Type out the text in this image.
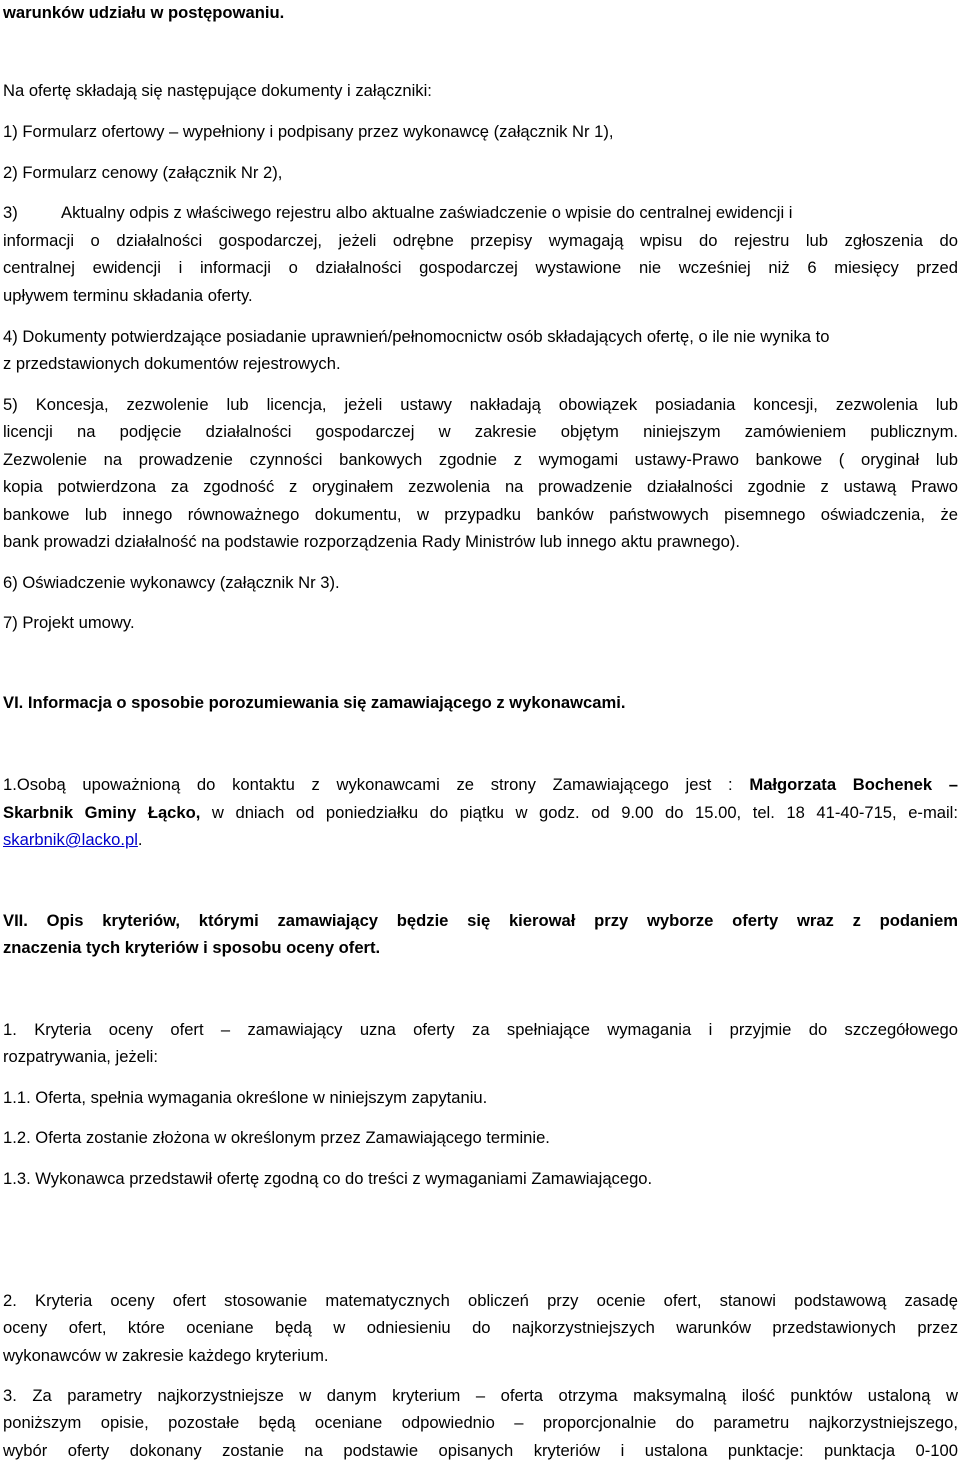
warunków udziału w postępowaniu.
Na ofertę składają się następujące dokumenty i załączniki:
1) Formularz ofertowy – wypełniony i podpisany przez wykonawcę (załącznik Nr 1),
2) Formularz cenowy (załącznik Nr 2),
3)	Aktualny odpis z właściwego rejestru albo aktualne zaświadczenie o wpisie do centralnej ewidencji i
informacji o działalności gospodarczej, jeżeli odrębne przepisy wymagają wpisu do rejestru lub zgłoszenia do
centralnej ewidencji i informacji o działalności gospodarczej wystawione nie wcześniej niż 6 miesięcy przed
upływem terminu składania oferty.
4) Dokumenty potwierdzające posiadanie uprawnień/pełnomocnictw osób składających ofertę, o ile nie wynika to
z przedstawionych dokumentów rejestrowych.
5) Koncesja, zezwolenie lub licencja, jeżeli ustawy nakładają obowiązek posiadania koncesji, zezwolenia lub
licencji na podjęcie działalności gospodarczej w zakresie objętym niniejszym zamówieniem publicznym.
Zezwolenie na prowadzenie czynności bankowych zgodnie z wymogami ustawy-Prawo bankowe ( oryginał lub
kopia potwierdzona za zgodność z oryginałem zezwolenia na prowadzenie działalności zgodnie z ustawą Prawo
bankowe lub innego równoważnego dokumentu, w przypadku banków państwowych pisemnego oświadczenia, że
bank prowadzi działalność na podstawie rozporządzenia Rady Ministrów lub innego aktu prawnego).
6) Oświadczenie wykonawcy (załącznik Nr 3).
7) Projekt umowy.
VI. Informacja o sposobie porozumiewania się zamawiającego z wykonawcami.
1.Osobą upoważnioną do kontaktu z wykonawcami ze strony Zamawiającego jest : Małgorzata Bochenek –
Skarbnik Gminy Łącko, w dniach od poniedziałku do piątku w godz. od 9.00 do 15.00, tel. 18 41-40-715, e-mail:
skarbnik@lacko.pl.
VII. Opis kryteriów, którymi zamawiający będzie się kierował przy wyborze oferty wraz z podaniem
znaczenia tych kryteriów i sposobu oceny ofert.
1. Kryteria oceny ofert – zamawiający uzna oferty za spełniające wymagania i przyjmie do szczegółowego
rozpatrywania, jeżeli:
1.1. Oferta, spełnia wymagania określone w niniejszym zapytaniu.
1.2. Oferta zostanie złożona w określonym przez Zamawiającego terminie.
1.3. Wykonawca przedstawił ofertę zgodną co do treści z wymaganiami Zamawiającego.
2. Kryteria oceny ofert stosowanie matematycznych obliczeń przy ocenie ofert, stanowi podstawową zasadę
oceny ofert, które oceniane będą w odniesieniu do najkorzystniejszych warunków przedstawionych przez
wykonawców w zakresie każdego kryterium.
3. Za parametry najkorzystniejsze w danym kryterium – oferta otrzyma maksymalną ilość punktów ustaloną w
poniższym opisie, pozostałe będą oceniane odpowiednio – proporcjonalnie do parametru najkorzystniejszego,
wybór oferty dokonany zostanie na podstawie opisanych kryteriów i ustalona punktacje: punktacja 0-100
